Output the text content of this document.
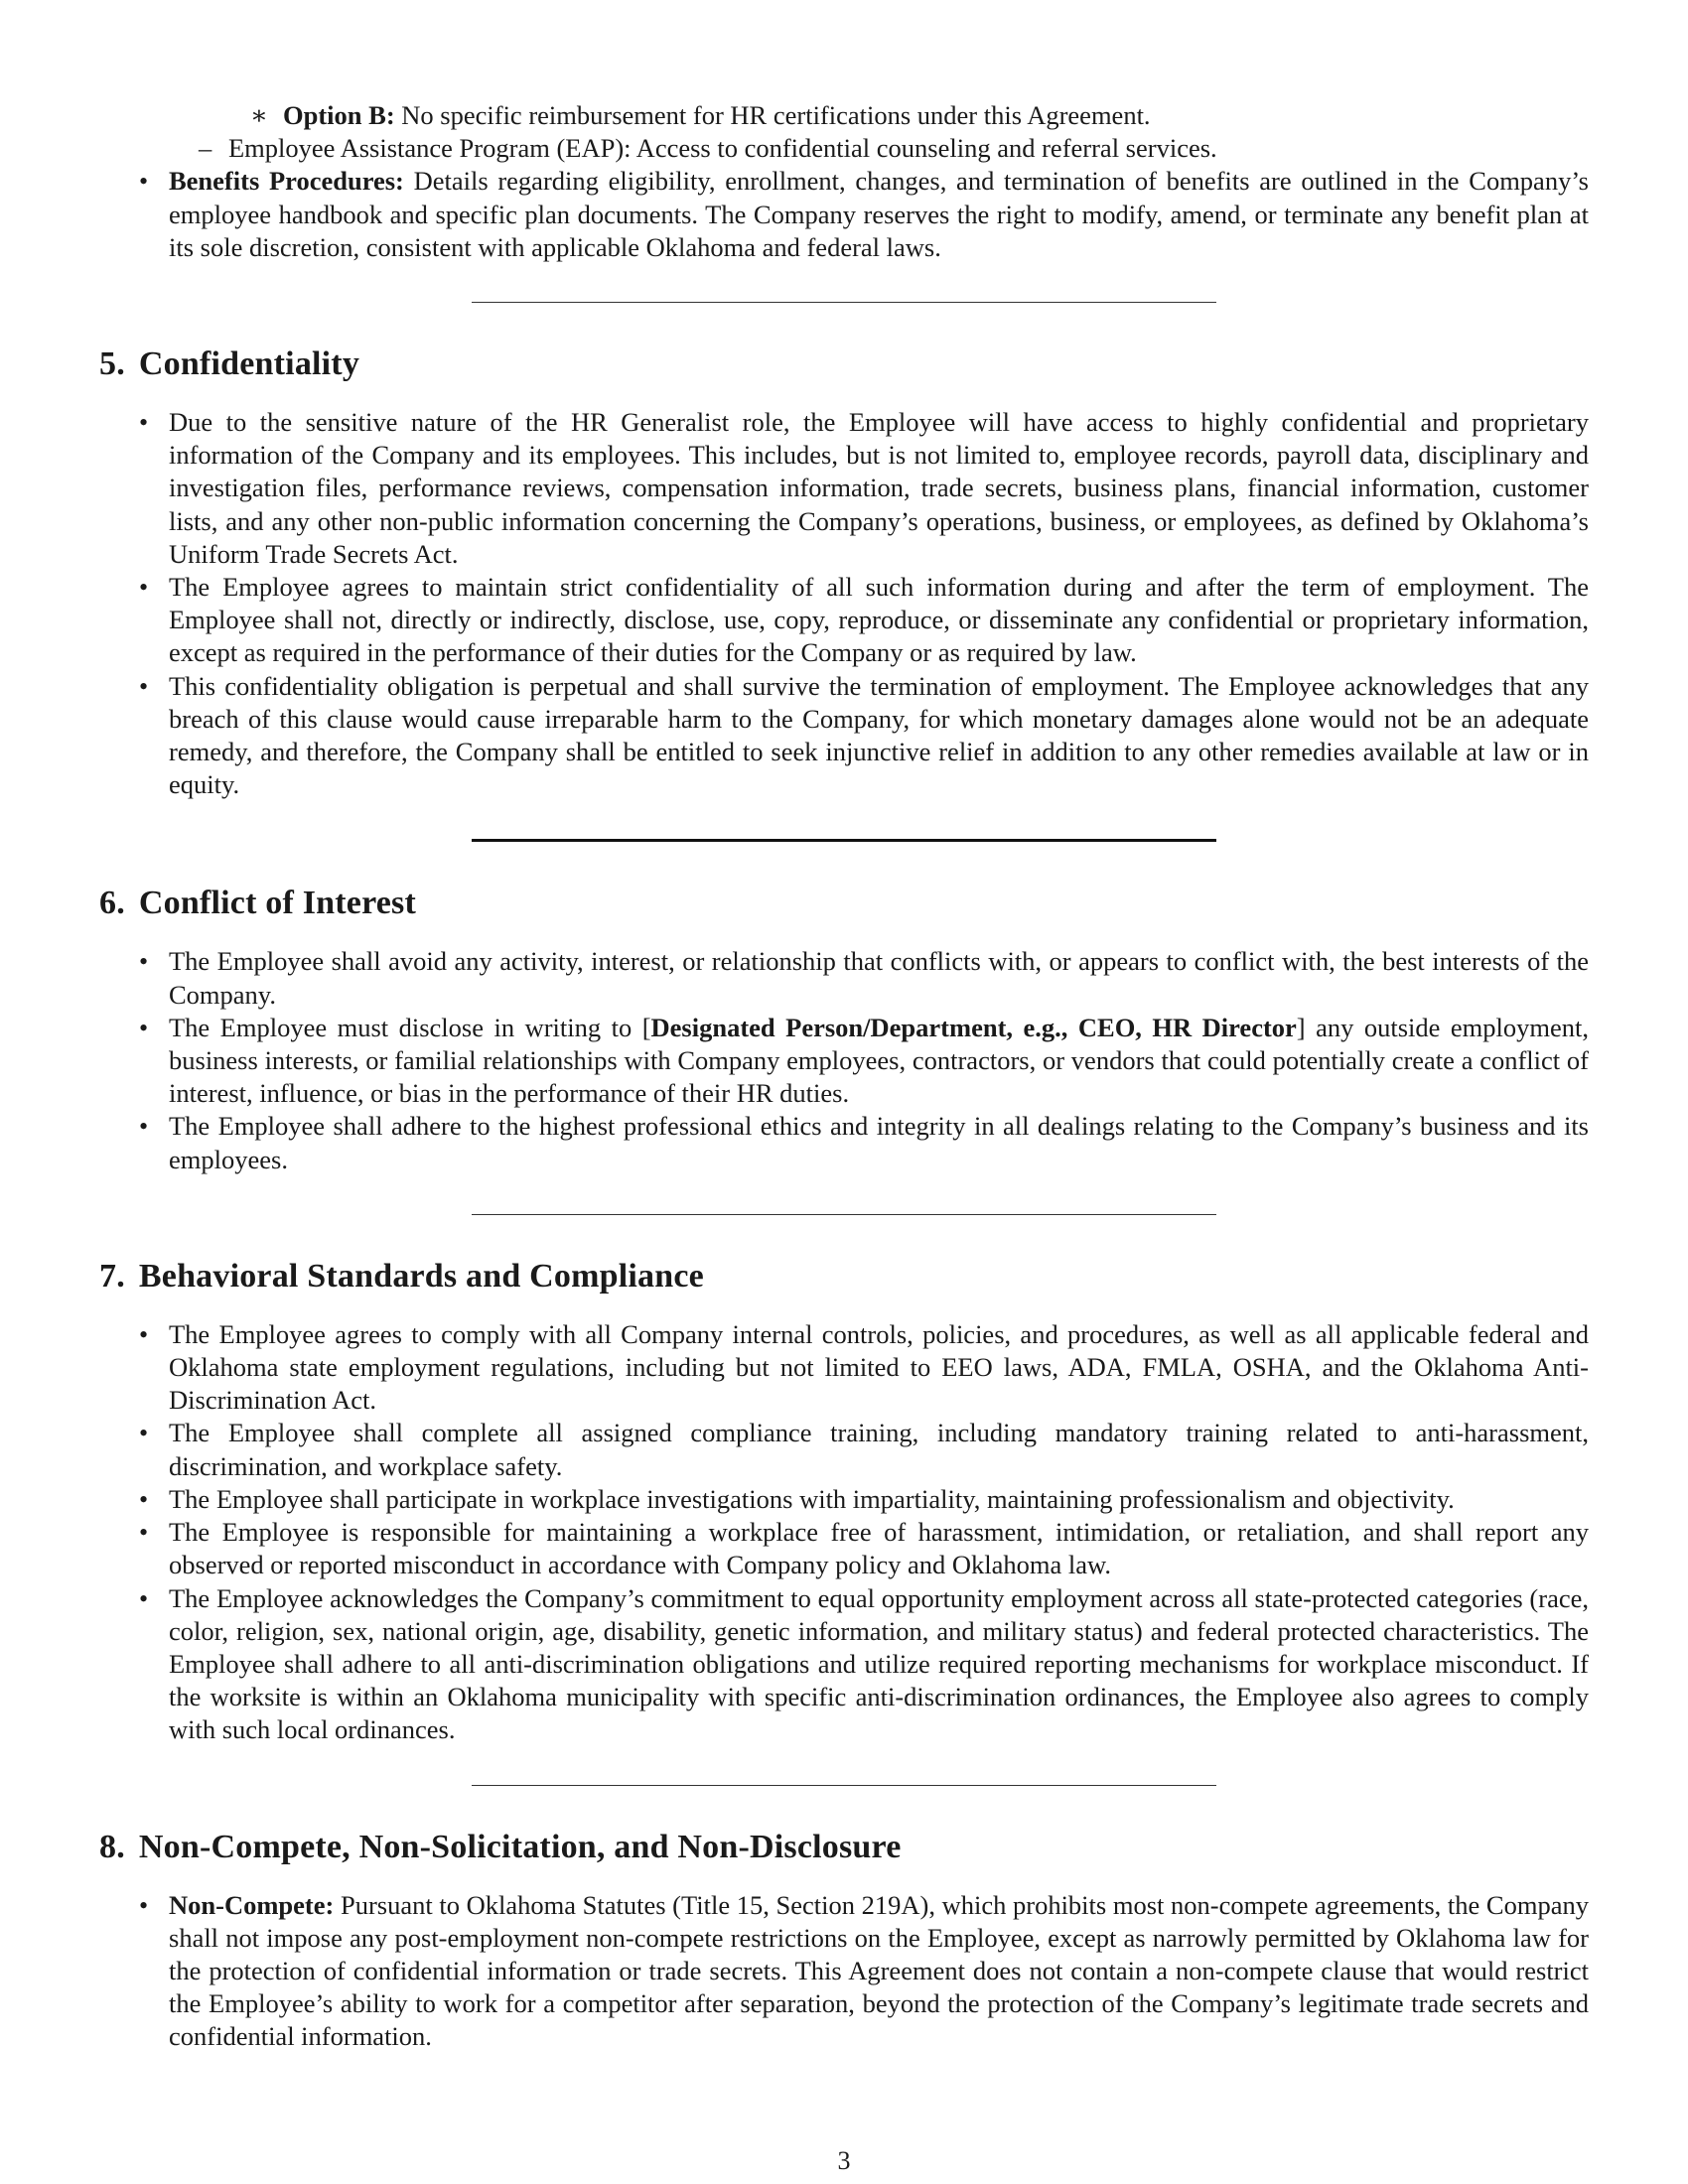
∗ Option B: No specific reimbursement for HR certifications under this Agreement.

– Employee Assistance Program (EAP): Access to confidential counseling and referral services.

• Benefits Procedures: Details regarding eligibility, enrollment, changes, and termination of benefits are outlined in the Company’s employee handbook and specific plan documents. The Company reserves the right to modify, amend, or terminate any benefit plan at its sole discretion, consistent with applicable Oklahoma and federal laws.
5. Confidentiality
• Due to the sensitive nature of the HR Generalist role, the Employee will have access to highly confidential and proprietary information of the Company and its employees. This includes, but is not limited to, employee records, payroll data, disciplinary and investigation files, performance reviews, compensation information, trade secrets, business plans, financial information, customer lists, and any other non-public information concerning the Company’s operations, business, or employees, as defined by Oklahoma’s Uniform Trade Secrets Act.
• The Employee agrees to maintain strict confidentiality of all such information during and after the term of employment. The Employee shall not, directly or indirectly, disclose, use, copy, reproduce, or disseminate any confidential or proprietary information, except as required in the performance of their duties for the Company or as required by law.
• This confidentiality obligation is perpetual and shall survive the termination of employment. The Employee acknowledges that any breach of this clause would cause irreparable harm to the Company, for which monetary damages alone would not be an adequate remedy, and therefore, the Company shall be entitled to seek injunctive relief in addition to any other remedies available at law or in equity.
6. Conflict of Interest
• The Employee shall avoid any activity, interest, or relationship that conflicts with, or appears to conflict with, the best interests of the Company.
• The Employee must disclose in writing to [Designated Person/Department, e.g., CEO, HR Director] any outside employment, business interests, or familial relationships with Company employees, contractors, or vendors that could potentially create a conflict of interest, influence, or bias in the performance of their HR duties.
• The Employee shall adhere to the highest professional ethics and integrity in all dealings relating to the Company’s business and its employees.
7. Behavioral Standards and Compliance
• The Employee agrees to comply with all Company internal controls, policies, and procedures, as well as all applicable federal and Oklahoma state employment regulations, including but not limited to EEO laws, ADA, FMLA, OSHA, and the Oklahoma Anti-Discrimination Act.
• The Employee shall complete all assigned compliance training, including mandatory training related to anti-harassment, discrimination, and workplace safety.
• The Employee shall participate in workplace investigations with impartiality, maintaining professionalism and objectivity.
• The Employee is responsible for maintaining a workplace free of harassment, intimidation, or retaliation, and shall report any observed or reported misconduct in accordance with Company policy and Oklahoma law.
• The Employee acknowledges the Company’s commitment to equal opportunity employment across all state-protected categories (race, color, religion, sex, national origin, age, disability, genetic information, and military status) and federal protected characteristics. The Employee shall adhere to all anti-discrimination obligations and utilize required reporting mechanisms for workplace misconduct. If the worksite is within an Oklahoma municipality with specific anti-discrimination ordinances, the Employee also agrees to comply with such local ordinances.
8. Non-Compete, Non-Solicitation, and Non-Disclosure
• Non-Compete: Pursuant to Oklahoma Statutes (Title 15, Section 219A), which prohibits most non-compete agreements, the Company shall not impose any post-employment non-compete restrictions on the Employee, except as narrowly permitted by Oklahoma law for the protection of confidential information or trade secrets. This Agreement does not contain a non-compete clause that would restrict the Employee’s ability to work for a competitor after separation, beyond the protection of the Company’s legitimate trade secrets and confidential information.
3
